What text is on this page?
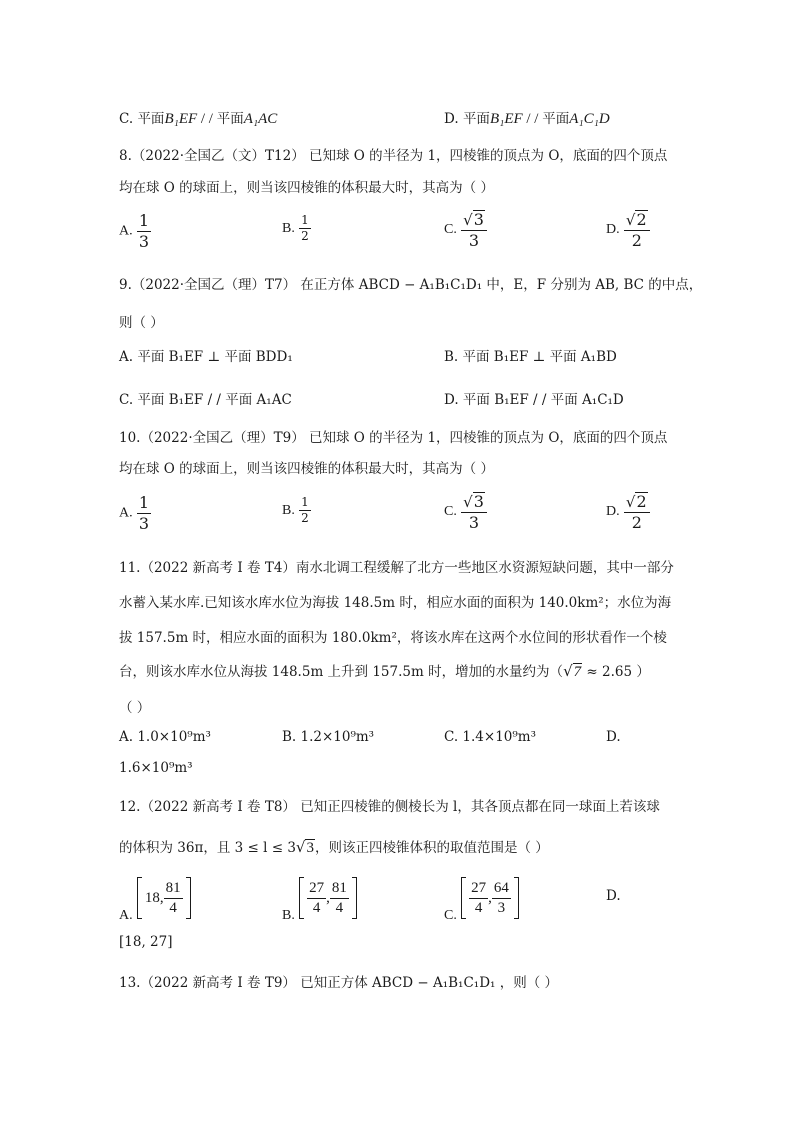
C. 平面B₁EF / / 平面A₁AC	D. 平面B₁EF / / 平面A₁C₁D
8.（2022·全国乙（文）T12） 已知球 O 的半径为 1，四棱锥的顶点为 O，底面的四个顶点
均在球 O 的球面上，则当该四棱锥的体积最大时，其高为（ ）
A. $\frac{1}{3}$	B. $\frac{1}{2}$	C. $\frac{√3}{3}$	D. $\frac{√2}{2}$
9.（2022·全国乙（理）T7） 在正方体 ABCD − A₁B₁C₁D₁ 中，E，F 分别为 AB, BC 的中点，
则（ ）
A. 平面 B₁EF ⊥ 平面 BDD₁	B. 平面 B₁EF ⊥ 平面 A₁BD
C. 平面 B₁EF / / 平面 A₁AC	D. 平面 B₁EF / / 平面 A₁C₁D
10.（2022·全国乙（理）T9） 已知球 O 的半径为 1，四棱锥的顶点为 O，底面的四个顶点
均在球 O 的球面上，则当该四棱锥的体积最大时，其高为（ ）
A. $\frac{1}{3}$	B. $\frac{1}{2}$	C. $\frac{√3}{3}$	D. $\frac{√2}{2}$
11.（2022 新高考 I 卷 T4）南水北调工程缓解了北方一些地区水资源短缺问题，其中一部分
水蓄入某水库.已知该水库水位为海拔 148.5m 时，相应水面的面积为 140.0km²；水位为海
拔 157.5m 时，相应水面的面积为 180.0km²，将该水库在这两个水位间的形状看作一个棱
台，则该水库水位从海拔 148.5m 上升到 157.5m 时，增加的水量约为（√7 ≈ 2.65 ）
（ ）
A. 1.0×10⁹m³	B. 1.2×10⁹m³	C. 1.4×10⁹m³	D.
1.6×10⁹m³
12.（2022 新高考 I 卷 T8） 已知正四棱锥的侧棱长为 l，其各顶点都在同一球面上若该球
的体积为 36π，且 3 ≤ l ≤ 3√3，则该正四棱锥体积的取值范围是（ ）
A.
18, $\frac{81}{4}$	B. $\frac{27}{4}$ , $\frac{81}{4}$	C. $\frac{27}{4}$ , $\frac{64}{3}$	D.
[18, 27]
13.（2022 新高考 I 卷 T9） 已知正方体 ABCD − A₁B₁C₁D₁ ，则（ ）
